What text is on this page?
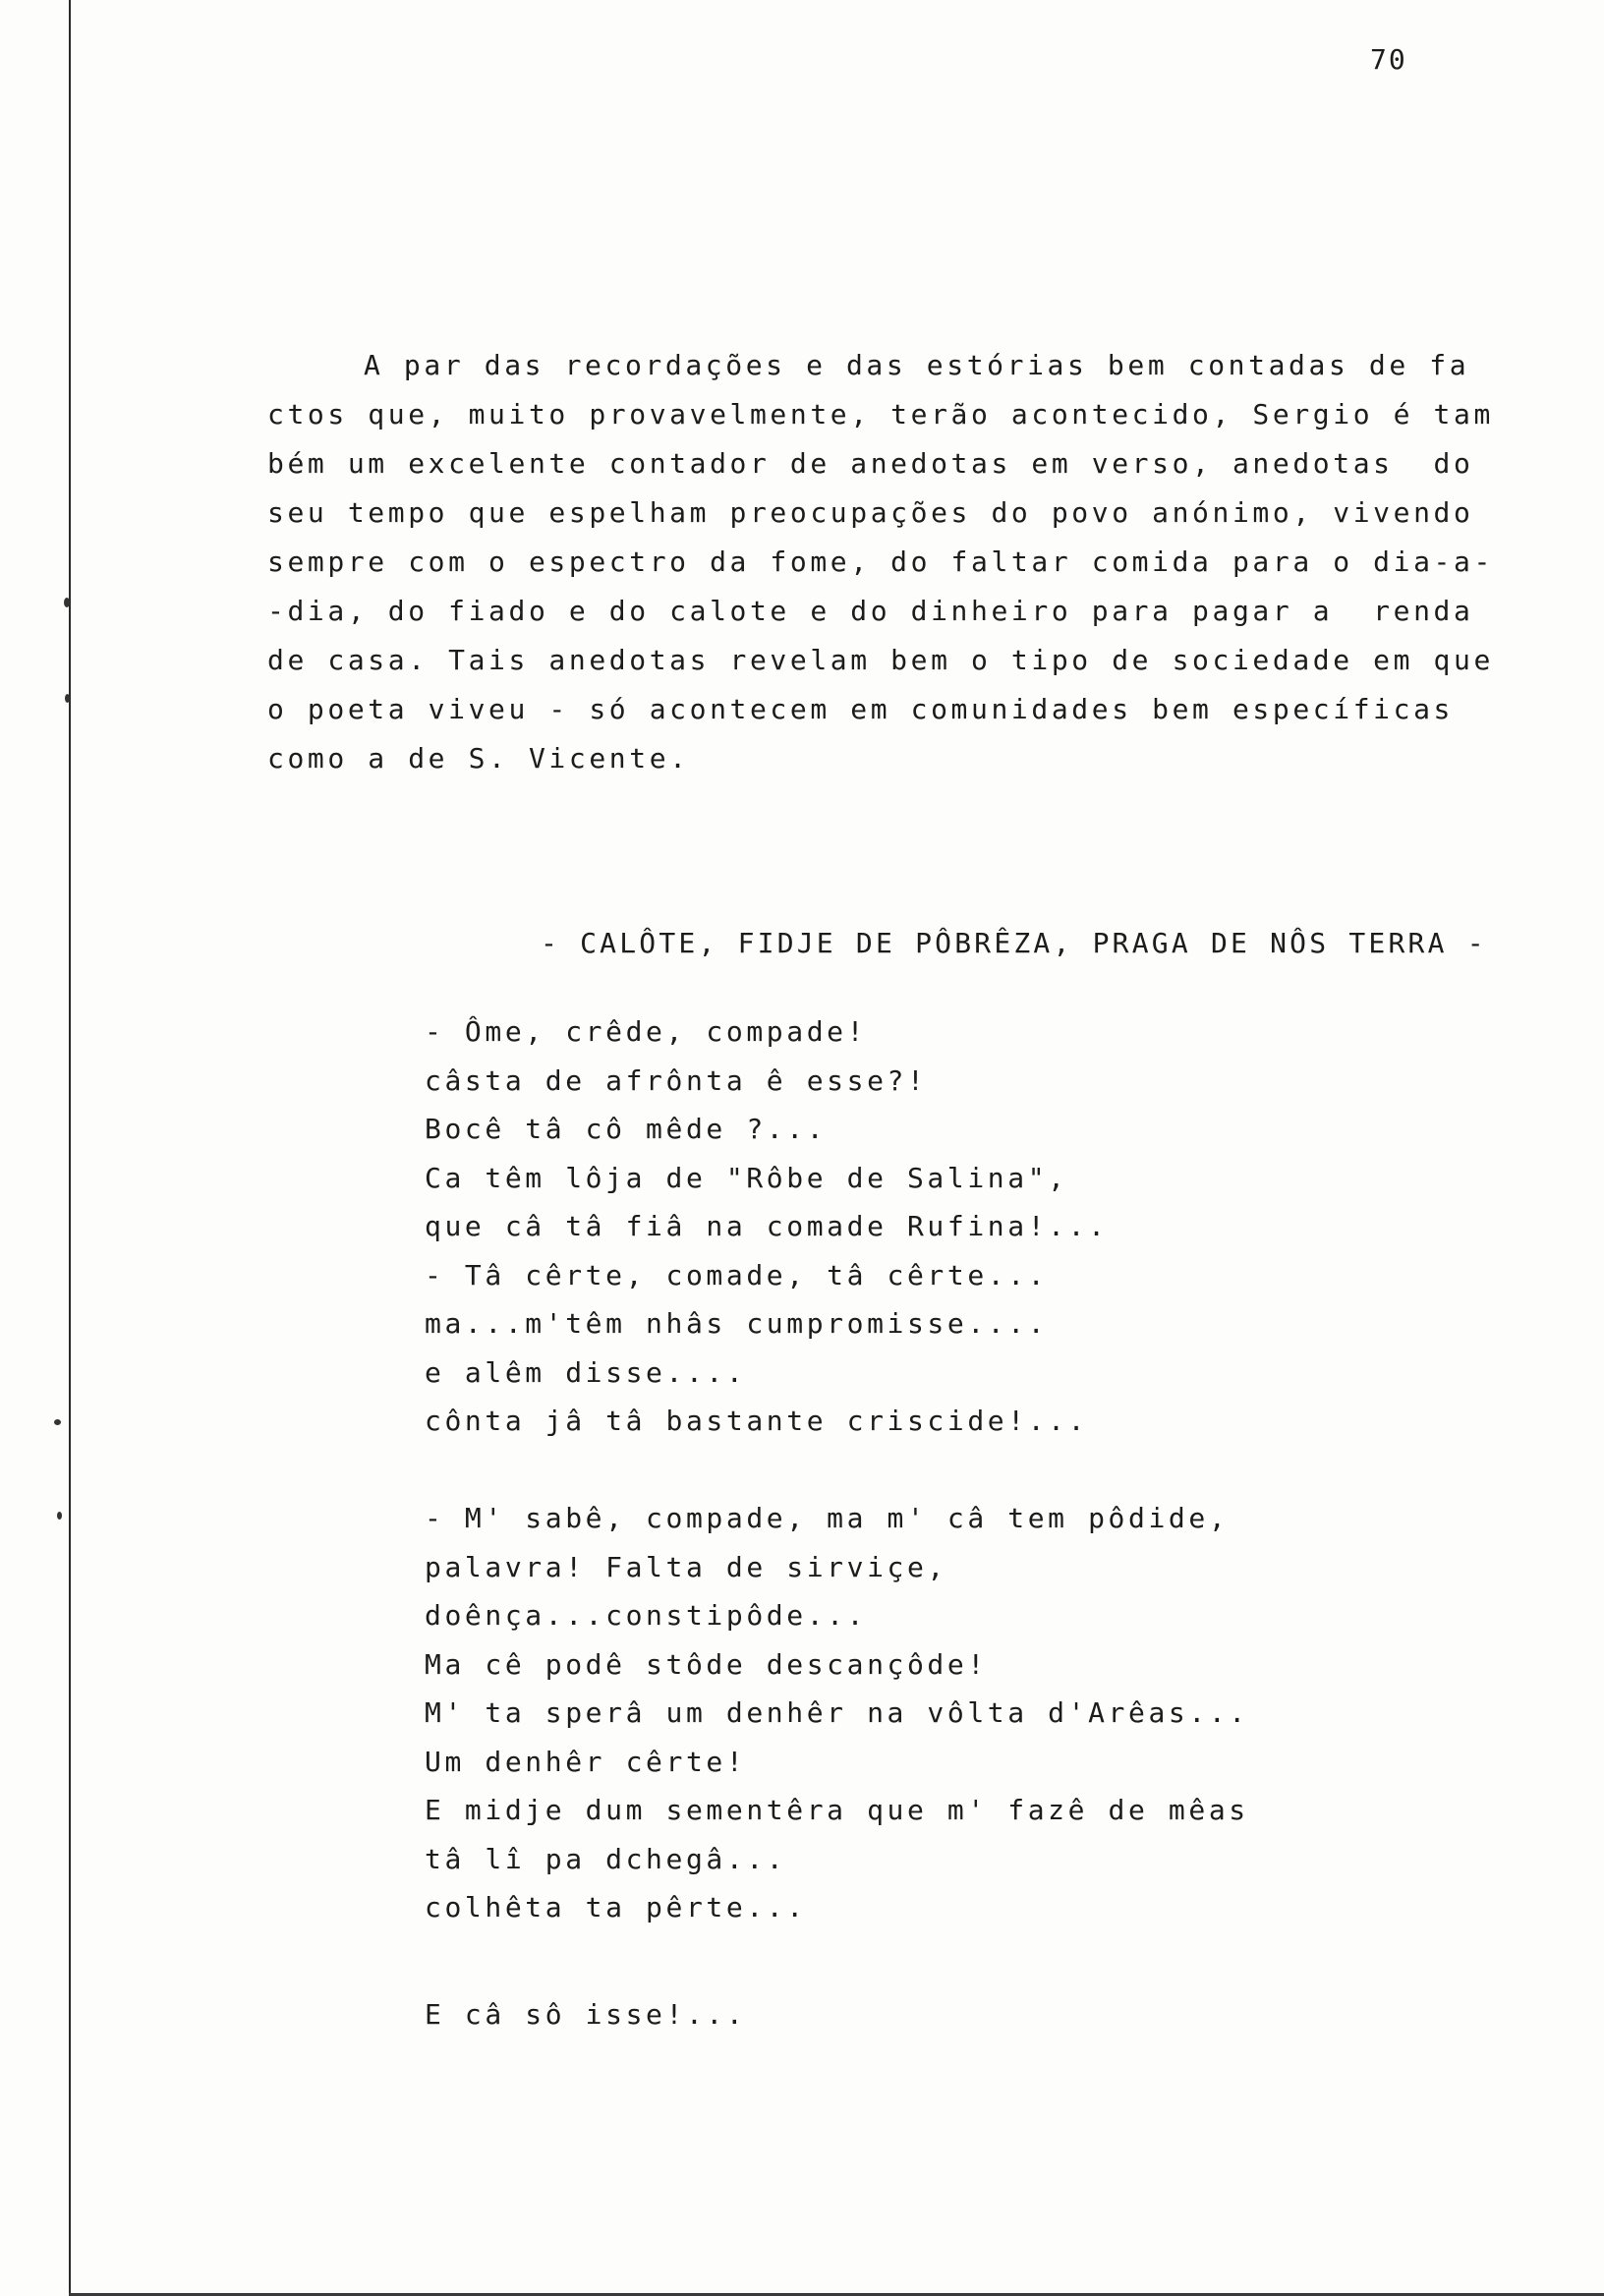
70
A par das recordações e das estórias bem contadas de fa
ctos que, muito provavelmente, terão acontecido, Sergio é tam
bém um excelente contador de anedotas em verso, anedotas  do
seu tempo que espelham preocupações do povo anónimo, vivendo
sempre com o espectro da fome, do faltar comida para o dia-a-
-dia, do fiado e do calote e do dinheiro para pagar a  renda
de casa. Tais anedotas revelam bem o tipo de sociedade em que
o poeta viveu - só acontecem em comunidades bem específicas
como a de S. Vicente.
- CALÔTE, FIDJE DE PÔBRÊZA, PRAGA DE NÔS TERRA -
- Ôme, crêde, compade!
câsta de afrônta ê esse?!
Bocê tâ cô mêde ?...
Ca têm lôja de "Rôbe de Salina",
que câ tâ fiâ na comade Rufina!...
- Tâ cêrte, comade, tâ cêrte...
ma...m'têm nhâs cumpromisse....
e alêm disse....
cônta jâ tâ bastante criscide!...
- M' sabê, compade, ma m' câ tem pôdide,
palavra! Falta de sirviçe,
doênça...constipôde...
Ma cê podê stôde descançôde!
M' ta sperâ um denhêr na vôlta d'Arêas...
Um denhêr cêrte!
E midje dum sementêra que m' fazê de mêas
tâ lî pa dchegâ...
colhêta ta pêrte...
E câ sô isse!...
